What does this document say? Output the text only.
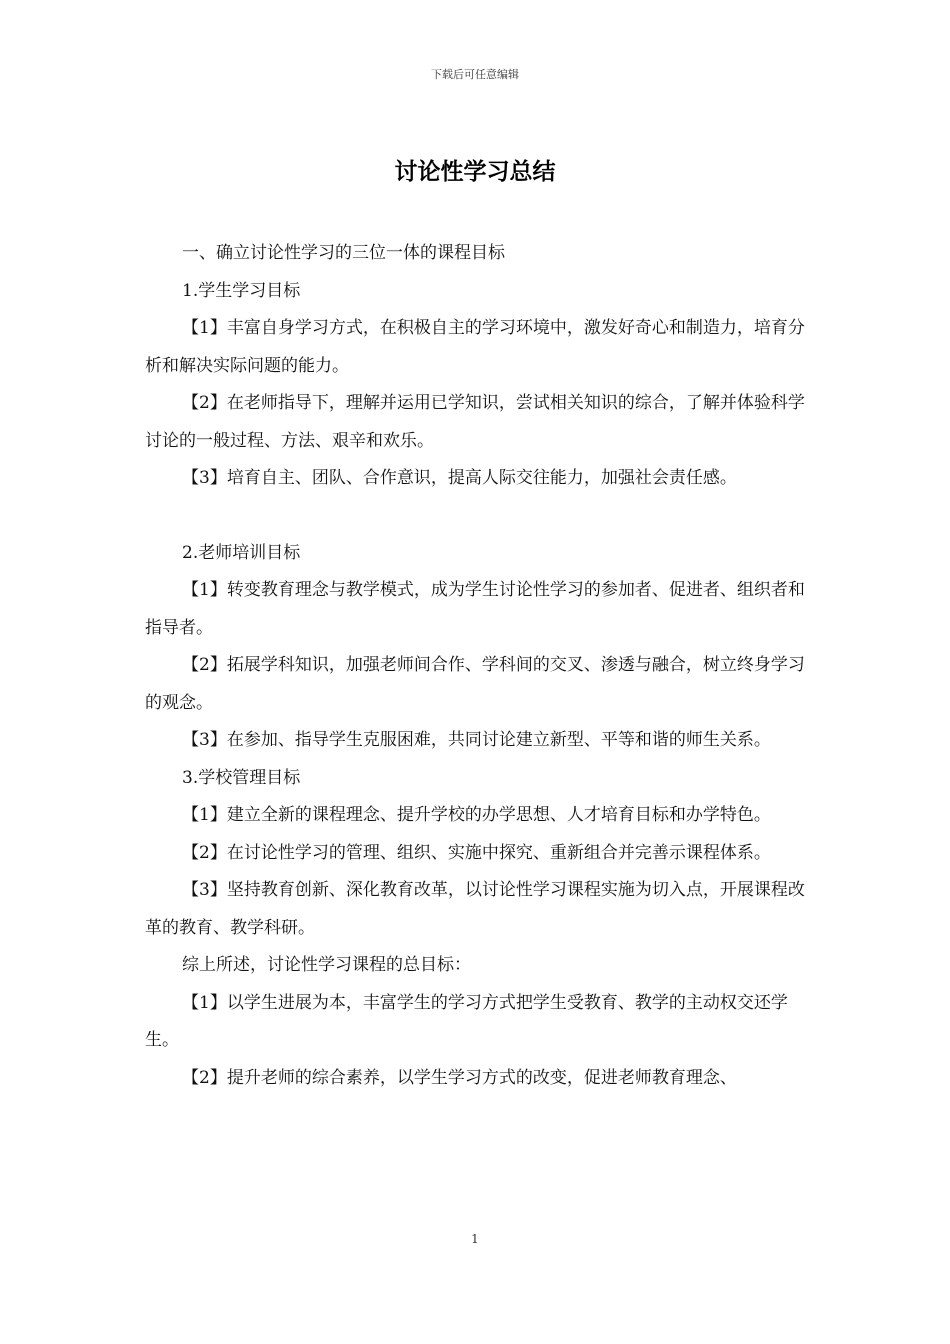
下载后可任意编辑
讨论性学习总结

一、确立讨论性学习的三位一体的课程目标

1.学生学习目标

【1】丰富自身学习方式，在积极自主的学习环境中，激发好奇心和制造力，培育分析和解决实际问题的能力。

【2】在老师指导下，理解并运用已学知识，尝试相关知识的综合，了解并体验科学讨论的一般过程、方法、艰辛和欢乐。

【3】培育自主、团队、合作意识，提高人际交往能力，加强社会责任感。

2.老师培训目标

【1】转变教育理念与教学模式，成为学生讨论性学习的参加者、促进者、组织者和指导者。

【2】拓展学科知识，加强老师间合作、学科间的交叉、渗透与融合，树立终身学习的观念。

【3】在参加、指导学生克服困难，共同讨论建立新型、平等和谐的师生关系。

3.学校管理目标

【1】建立全新的课程理念、提升学校的办学思想、人才培育目标和办学特色。

【2】在讨论性学习的管理、组织、实施中探究、重新组合并完善示课程体系。

【3】坚持教育创新、深化教育改革，以讨论性学习课程实施为切入点，开展课程改革的教育、教学科研。

综上所述，讨论性学习课程的总目标：

【1】以学生进展为本，丰富学生的学习方式把学生受教育、教学的主动权交还学生。

【2】提升老师的综合素养，以学生学习方式的改变，促进老师教育理念、

1
